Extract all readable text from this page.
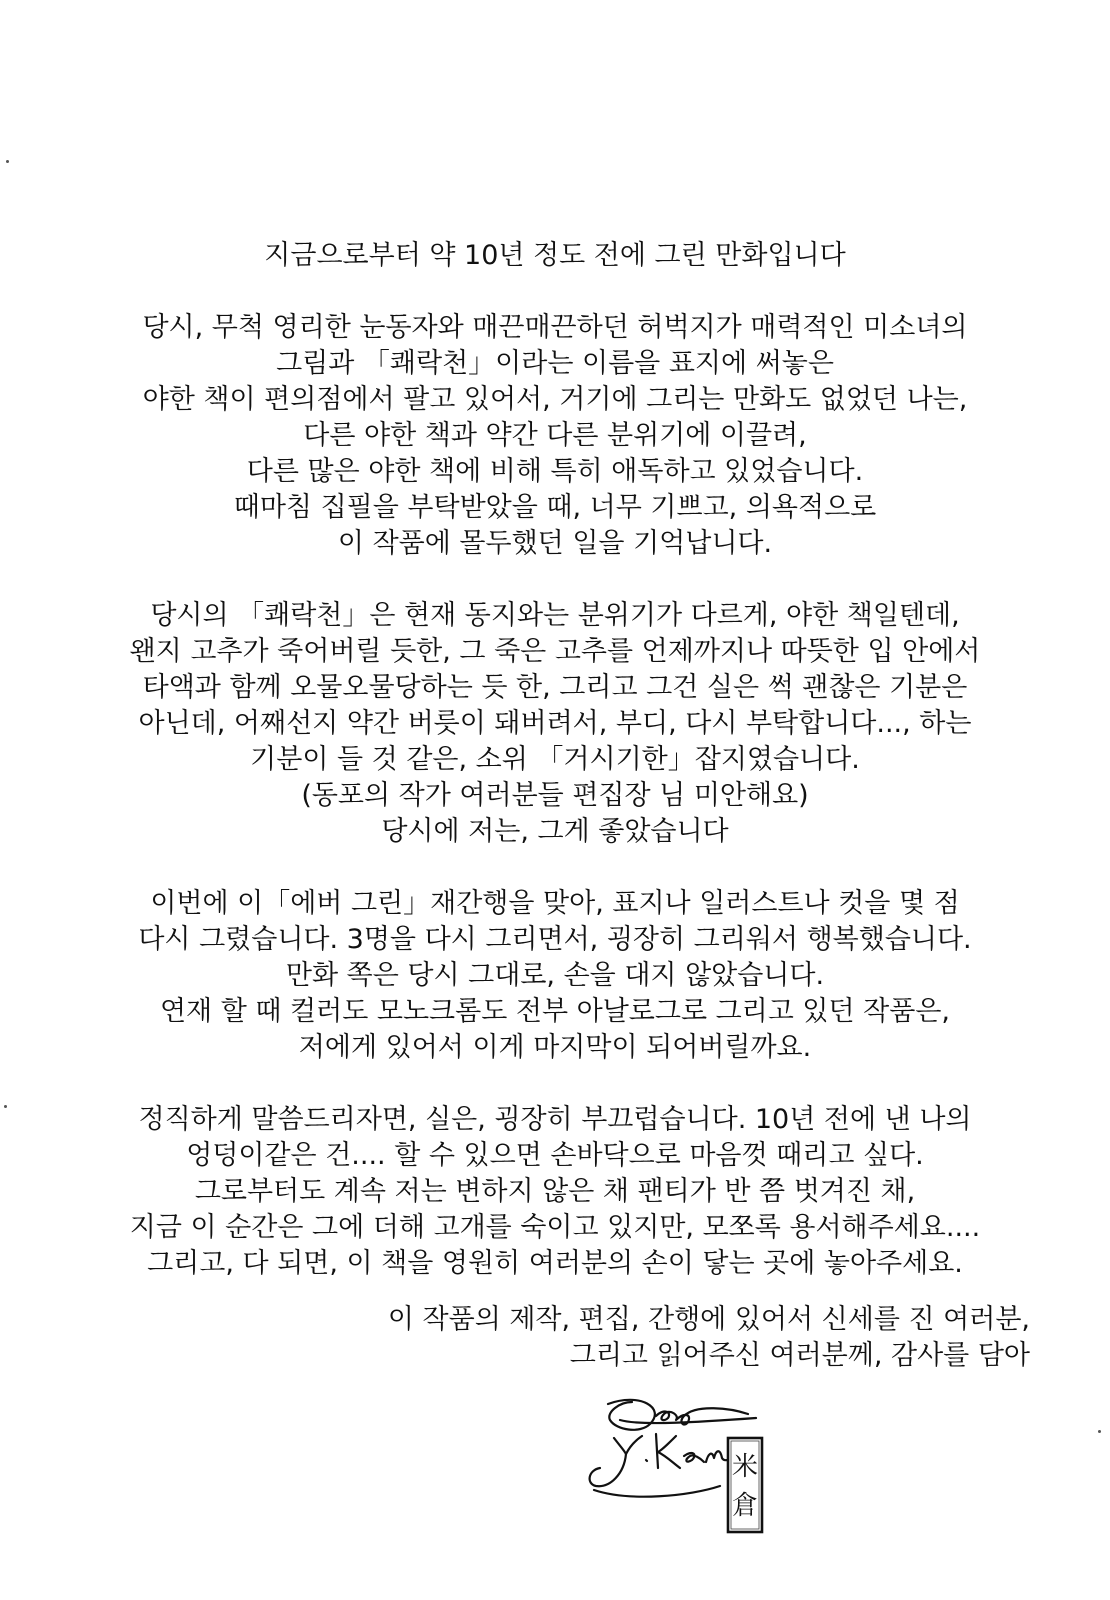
지금으로부터 약 10년 정도 전에 그린 만화입니다
당시, 무척 영리한 눈동자와 매끈매끈하던 허벅지가 매력적인 미소녀의
그림과 「쾌락천」이라는 이름을 표지에 써놓은
야한 책이 편의점에서 팔고 있어서, 거기에 그리는 만화도 없었던 나는,
다른 야한 책과 약간 다른 분위기에 이끌려,
다른 많은 야한 책에 비해 특히 애독하고 있었습니다.
때마침 집필을 부탁받았을 때, 너무 기쁘고, 의욕적으로
이 작품에 몰두했던 일을 기억납니다.
당시의 「쾌락천」은 현재 동지와는 분위기가 다르게, 야한 책일텐데,
왠지 고추가 죽어버릴 듯한, 그 죽은 고추를 언제까지나 따뜻한 입 안에서
타액과 함께 오물오물당하는 듯 한, 그리고 그건 실은 썩 괜찮은 기분은
아닌데, 어째선지 약간 버릇이 돼버려서, 부디, 다시 부탁합니다..., 하는
기분이 들 것 같은, 소위 「거시기한」잡지였습니다.
(동포의 작가 여러분들 편집장 님 미안해요)
당시에 저는, 그게 좋았습니다
이번에 이「에버 그린」재간행을 맞아, 표지나 일러스트나 컷을 몇 점
다시 그렸습니다. 3명을 다시 그리면서, 굉장히 그리워서 행복했습니다.
만화 쪽은 당시 그대로, 손을 대지 않았습니다.
연재 할 때 컬러도 모노크롬도 전부 아날로그로 그리고 있던 작품은,
저에게 있어서 이게 마지막이 되어버릴까요.
정직하게 말씀드리자면, 실은, 굉장히 부끄럽습니다. 10년 전에 낸 나의
엉덩이같은 건.... 할 수 있으면 손바닥으로 마음껏 때리고 싶다.
그로부터도 계속 저는 변하지 않은 채 팬티가 반 쯤 벗겨진 채,
지금 이 순간은 그에 더해 고개를 숙이고 있지만, 모쪼록 용서해주세요....
그리고, 다 되면, 이 책을 영원히 여러분의 손이 닿는 곳에 놓아주세요.
이 작품의 제작, 편집, 간행에 있어서 신세를 진 여러분,
그리고 읽어주신 여러분께, 감사를 담아
米
倉
